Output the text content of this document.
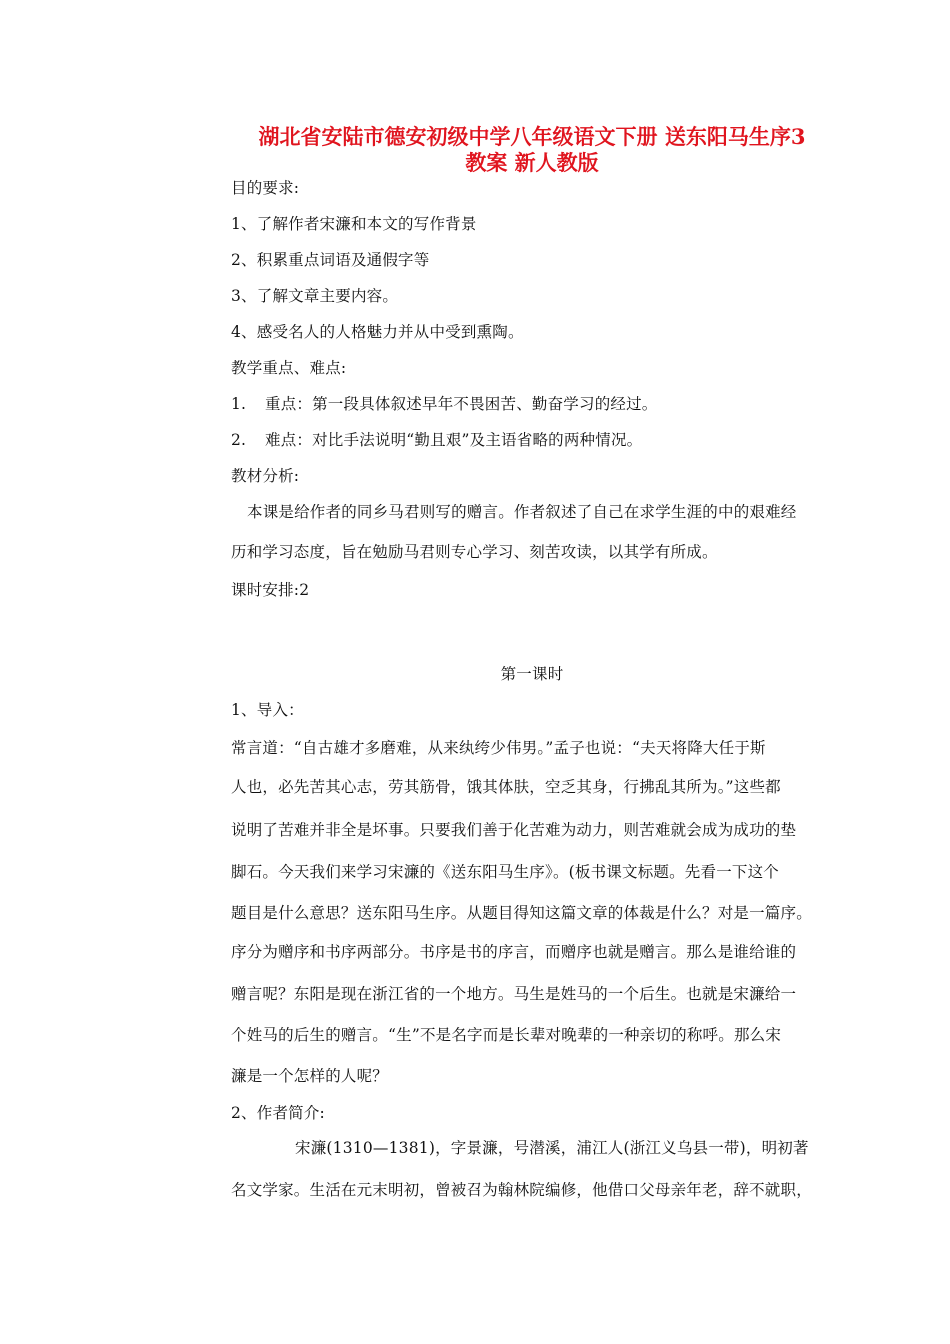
湖北省安陆市德安初级中学八年级语文下册 送东阳马生序3
教案 新人教版
目的要求:
1、了解作者宋濂和本文的写作背景
2、积累重点词语及通假字等
3、了解文章主要内容。
4、感受名人的人格魅力并从中受到熏陶。
教学重点、难点:
1. 重点：第一段具体叙述早年不畏困苦、勤奋学习的经过。
2. 难点：对比手法说明“勤且艰”及主语省略的两种情况。
教材分析:
本课是给作者的同乡马君则写的赠言。作者叙述了自己在求学生涯的中的艰难经
历和学习态度，旨在勉励马君则专心学习、刻苦攻读，以其学有所成。
课时安排:2
第一课时
1、导入：
常言道：“自古雄才多磨难，从来纨绔少伟男。”孟子也说：“夫天将降大任于斯
人也，必先苦其心志，劳其筋骨，饿其体肤，空乏其身，行拂乱其所为。”这些都
说明了苦难并非全是坏事。只要我们善于化苦难为动力，则苦难就会成为成功的垫
脚石。今天我们来学习宋濂的《送东阳马生序》。(板书课文标题。先看一下这个
题目是什么意思？送东阳马生序。从题目得知这篇文章的体裁是什么？对是一篇序。
序分为赠序和书序两部分。书序是书的序言，而赠序也就是赠言。那么是谁给谁的
赠言呢？东阳是现在浙江省的一个地方。马生是姓马的一个后生。也就是宋濂给一
个姓马的后生的赠言。“生”不是名字而是长辈对晚辈的一种亲切的称呼。那么宋
濂是一个怎样的人呢？
2、作者简介:
宋濂(1310—1381)，字景濂，号潜溪，浦江人(浙江义乌县一带)，明初著
名文学家。生活在元末明初，曾被召为翰林院编修，他借口父母亲年老，辞不就职，
